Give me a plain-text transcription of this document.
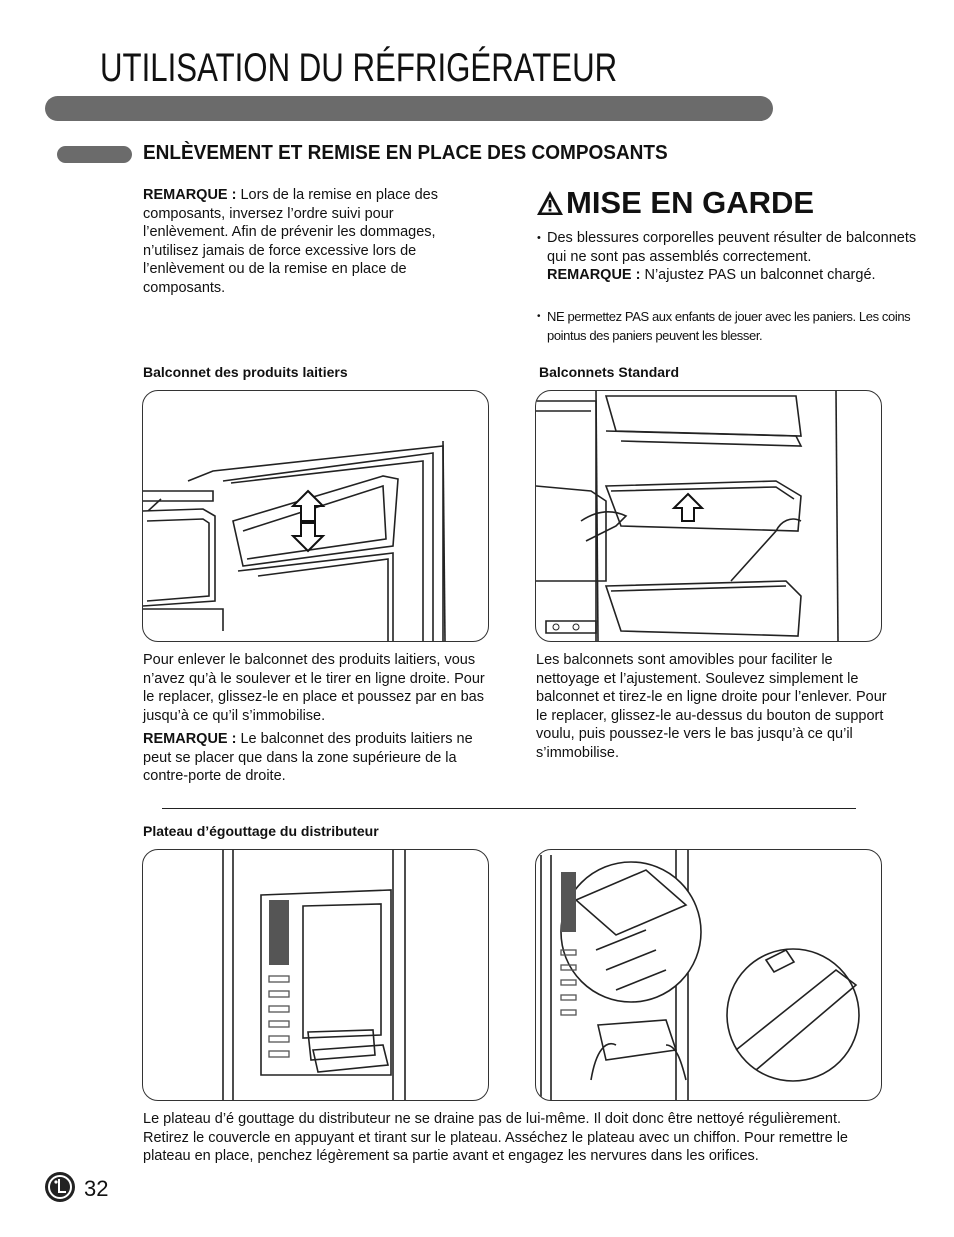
UTILISATION DU RÉFRIGÉRATEUR
ENLÈVEMENT ET REMISE EN PLACE DES COMPOSANTS
REMARQUE : Lors de la remise en place des composants, inversez l’ordre suivi pour l’enlèvement. Afin de prévenir les dommages, n’utilisez jamais de force excessive lors de l’enlèvement ou de la remise en place de composants.
MISE EN GARDE
• Des blessures corporelles peuvent résulter de balconnets qui ne sont pas assemblés correctement.
REMARQUE : N’ajustez PAS un balconnet chargé.
• NE permettez PAS aux enfants de jouer avec les paniers. Les coins pointus des paniers peuvent les blesser.
Balconnet des produits laitiers	Balconnets Standard
Pour enlever le balconnet des produits laitiers, vous n’avez qu’à le soulever et le tirer en ligne droite. Pour le replacer, glissez-le en place et poussez par en bas jusqu’à ce qu’il s’immobilise.
REMARQUE : Le balconnet des produits laitiers ne peut se placer que dans la zone supérieure de la contre-porte de droite.
Les balconnets sont amovibles pour faciliter le nettoyage et l’ajustement. Soulevez simplement le balconnet et tirez-le en ligne droite pour l’enlever. Pour le replacer, glissez-le au-dessus du bouton de support voulu, puis poussez-le vers le bas jusqu’à ce qu’il s’immobilise.
Plateau d’égouttage du distributeur
Le plateau d’é gouttage du distributeur ne se draine pas de lui-même. Il doit donc être nettoyé régulièrement. Retirez le couvercle en appuyant et tirant sur le plateau. Asséchez le plateau avec un chiffon. Pour remettre le plateau en place, penchez légèrement sa partie avant et engagez les nervures dans les orifices.
32
